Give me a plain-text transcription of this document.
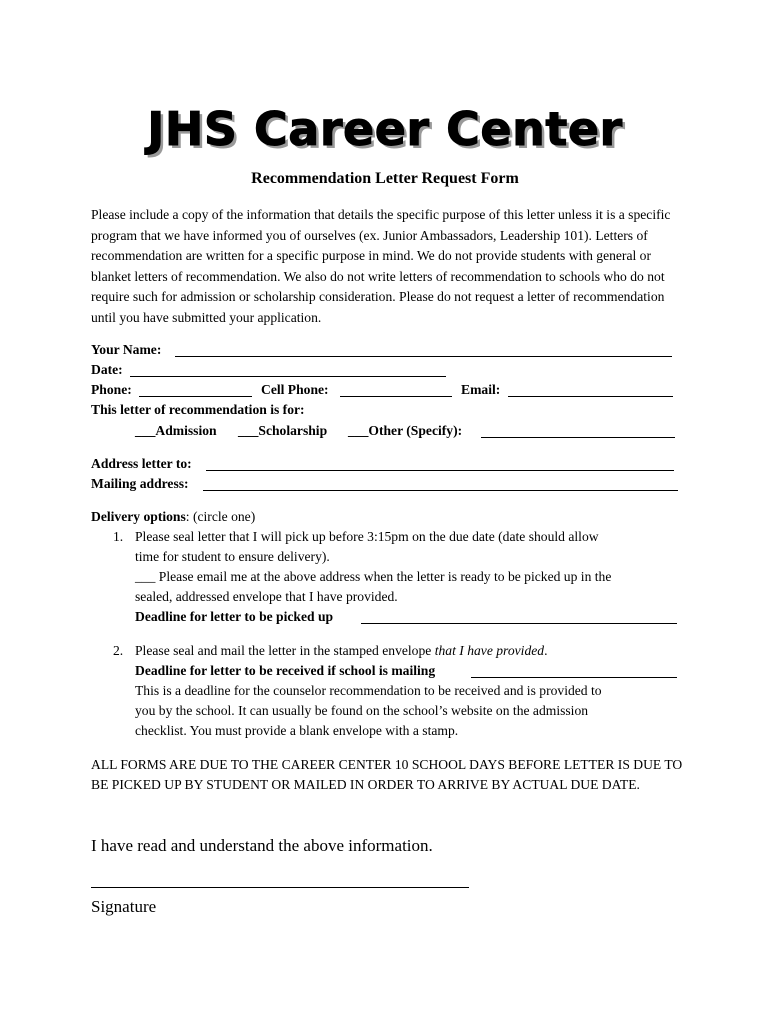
JHS Career Center
Recommendation Letter Request Form
Please include a copy of the information that details the specific purpose of this letter unless it is a specific program that we have informed you of ourselves (ex. Junior Ambassadors, Leadership 101). Letters of recommendation are written for a specific purpose in mind. We do not provide students with general or blanket letters of recommendation. We also do not write letters of recommendation to schools who do not require such for admission or scholarship consideration. Please do not request a letter of recommendation until you have submitted your application.
Your Name:
Date:
Phone:	Cell Phone:	Email:
This letter of recommendation is for:
___Admission ___Scholarship ___Other (Specify):
Address letter to:
Mailing address:
Delivery options: (circle one)
1. Please seal letter that I will pick up before 3:15pm on the due date (date should allow
time for student to ensure delivery).
___ Please email me at the above address when the letter is ready to be picked up in the
sealed, addressed envelope that I have provided.
Deadline for letter to be picked up
2. Please seal and mail the letter in the stamped envelope that I have provided.
Deadline for letter to be received if school is mailing
This is a deadline for the counselor recommendation to be received and is provided to
you by the school. It can usually be found on the school’s website on the admission
checklist. You must provide a blank envelope with a stamp.
ALL FORMS ARE DUE TO THE CAREER CENTER 10 SCHOOL DAYS BEFORE LETTER IS DUE TO BE PICKED UP BY STUDENT OR MAILED IN ORDER TO ARRIVE BY ACTUAL DUE DATE.
I have read and understand the above information.
Signature
